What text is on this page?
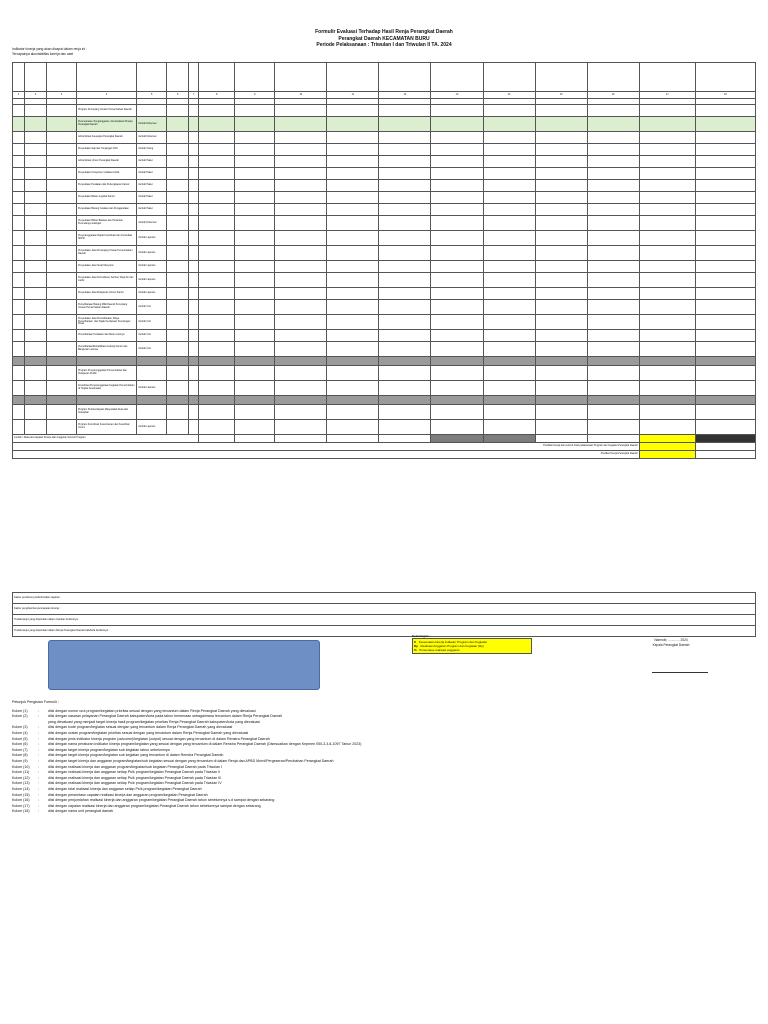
Formulir Evaluasi Terhadap Hasil Renja Perangkat Daerah
Perangkat Daerah KECAMATAN BURU
Periode Pelaksanaan : Triwulan I dan Triwulan II TA. 2024
Indikator kinerja yang akan dicapai dalam renja ini :
Tercapainya akuntabilitas kinerja dan aset

1	2	3	4	5	6	7	8	9	10	11	12	13	14	15	16	17	18

			Program Penunjang Urusan Pemerintahan Daerah														
			Perencanaan, Penganggaran, dan Evaluasi Kinerja Perangkat Daerah	Jumlah Dokumen													
			Administrasi Keuangan Perangkat Daerah	Jumlah Dokumen													
			Penyediaan Gaji dan Tunjangan ASN	Jumlah Orang													
			Administrasi Umum Perangkat Daerah	Jumlah Paket													
			Penyediaan Komponen Instalasi Listrik	Jumlah Paket													
			Penyediaan Peralatan dan Perlengkapan Kantor	Jumlah Paket													
			Penyediaan Bahan Logistik Kantor	Jumlah Paket													
			Penyediaan Barang Cetakan dan Penggandaan	Jumlah Paket													
			Penyediaan Bahan Bacaan dan Peraturan Perundang-undangan	Jumlah Dokumen													
			Penyelenggaraan Rapat Koordinasi dan Konsultasi SKPD	Jumlah Laporan													
			Penyediaan Jasa Penunjang Urusan Pemerintahan Daerah	Jumlah Laporan													
			Penyediaan Jasa Surat Menyurat	Jumlah Laporan													
			Penyediaan Jasa Komunikasi, Sumber Daya Air dan Listrik	Jumlah Laporan													
			Penyediaan Jasa Pelayanan Umum Kantor	Jumlah Laporan													
			Pemeliharaan Barang Milik Daerah Penunjang Urusan Pemerintahan Daerah	Jumlah Unit													
			Penyediaan Jasa Pemeliharaan, Biaya Pemeliharaan, dan Pajak Kendaraan Perorangan Dinas	Jumlah Unit													
			Pemeliharaan Peralatan dan Mesin Lainnya	Jumlah Unit													
			Pemeliharaan/Rehabilitasi Gedung Kantor dan Bangunan Lainnya	Jumlah Unit													

			Program Penyelenggaraan Pemerintahan dan Pelayanan Publik														
			Koordinasi Penyelenggaraan Kegiatan Pemerintahan di Tingkat Kecamatan	Jumlah Laporan													

			Program Pemberdayaan Masyarakat Desa dan Kelurahan														
			Program Koordinasi Ketentraman dan Ketertiban Umum	Jumlah Laporan													
Jumlah / Rata-rata Capaian Kinerja dan Anggaran Seluruh Program																	
Predikat Kinerja dari seluruh hasil pelaksanaan Program dan Kegiatan Perangkat Daerah																	
Predikat Kinerja Perangkat Daerah																	
Faktor pendorong keberhasilan capaian :
Faktor penghambat pencapaian kinerja :
Tindak lanjut yang diperlukan dalam triwulan berikutnya :
Tindak lanjut yang diperlukan dalam Renja Perangkat Daerah kab/kota berikutnya :
Keterangan :
K Kesesuaian kinerja indikator Program dan Kegiatan
Rp Realisasi Anggaran Program dan Kegiatan (Rp)
% Persentase realisasi anggaran
Namrole, ............. 2024
Kepala Perangkat Daerah
Petunjuk Pengisian Formulir :
Kolom (1)	:	diisi dengan nomor urut program/kegiatan prioritas sesuai dengan yang tercantum dalam Renja Perangkat Daerah yang dievaluasi
Kolom (2)	:	diisi dengan sasaran pelayanan Perangkat Daerah kabupaten/kota pada tahun berkenaan sebagaimana tercantum dalam Renja Perangkat Daerah
yang dievaluasi yang menjadi target kinerja hasil program/kegiatan prioritas Renja Perangkat Daerah kabupaten/kota yang dievaluasi
Kolom (3)	:	diisi dengan kode program/kegiatan sesuai dengan yang tercantum dalam Renja Perangkat Daerah yang dievaluasi
Kolom (4)	:	diisi dengan uraian program/kegiatan prioritas sesuai dengan yang tercantum dalam Renja Perangkat Daerah yang dievaluasi
Kolom (5)	:	diisi dengan jenis indikator kinerja program (outcome)/kegiatan (output) sesuai dengan yang tercantum di dalam Renstra Perangkat Daerah
Kolom (6)	:	diisi dengan nama peraturan indikator kinerja program/kegiatan yang sesuai dengan yang tercantum di dalam Renstra Perangkat Daerah (Disesuaikan dengan Kepmen 050-3.3.8-1097 Tahun 2023)
Kolom (7)	:	diisi dengan target kinerja program/kegiatan sub kegiatan tahun sebelumnya
Kolom (8)	:	diisi dengan target kinerja program/kegiatan sub kegiatan yang tercantum di dalam Renstra Perangkat Daerah
Kolom (9)	:	diisi dengan target kinerja dan anggaran program/kegiatan/sub kegiatan sesuai dengan yang tercantum di dalam Renja dan APBD Murni/Pergeseran/Perubahan Perangkat Daerah
Kolom (10)	:	diisi dengan realisasi kinerja dan anggaran program/kegiatan/sub kegiatan Perangkat Daerah pada Triwulan I
Kolom (11)	:	diisi dengan realisasi kinerja dan anggaran setiap Ps/k program/kegiatan Perangkat Daerah pada Triwulan II
Kolom (12)	:	diisi dengan realisasi kinerja dan anggaran setiap Ps/k program/kegiatan Perangkat Daerah pada Triwulan III
Kolom (13)	:	diisi dengan realisasi kinerja dan anggaran setiap Ps/k program/kegiatan Perangkat Daerah pada Triwulan IV
Kolom (14)	:	diisi dengan total realisasi kinerja dan anggaran setiap Ps/k program/kegiatan Perangkat Daerah
Kolom (15)	:	diisi dengan persentase capaian realisasi kinerja dan anggaran program/kegiatan Perangkat Daerah
Kolom (16)	:	diisi dengan penjumlahan realisasi kinerja dan anggaran program/kegiatan Perangkat Daerah tahun sebelumnya s.d sampai dengan sekarang
Kolom (17)	:	diisi dengan capaian realisasi kinerja dan anggaran program/kegiatan Perangkat Daerah tahun sebelumnya sampai dengan sekarang
Kolom (18)	:	diisi dengan nama unit perangkat daerah
